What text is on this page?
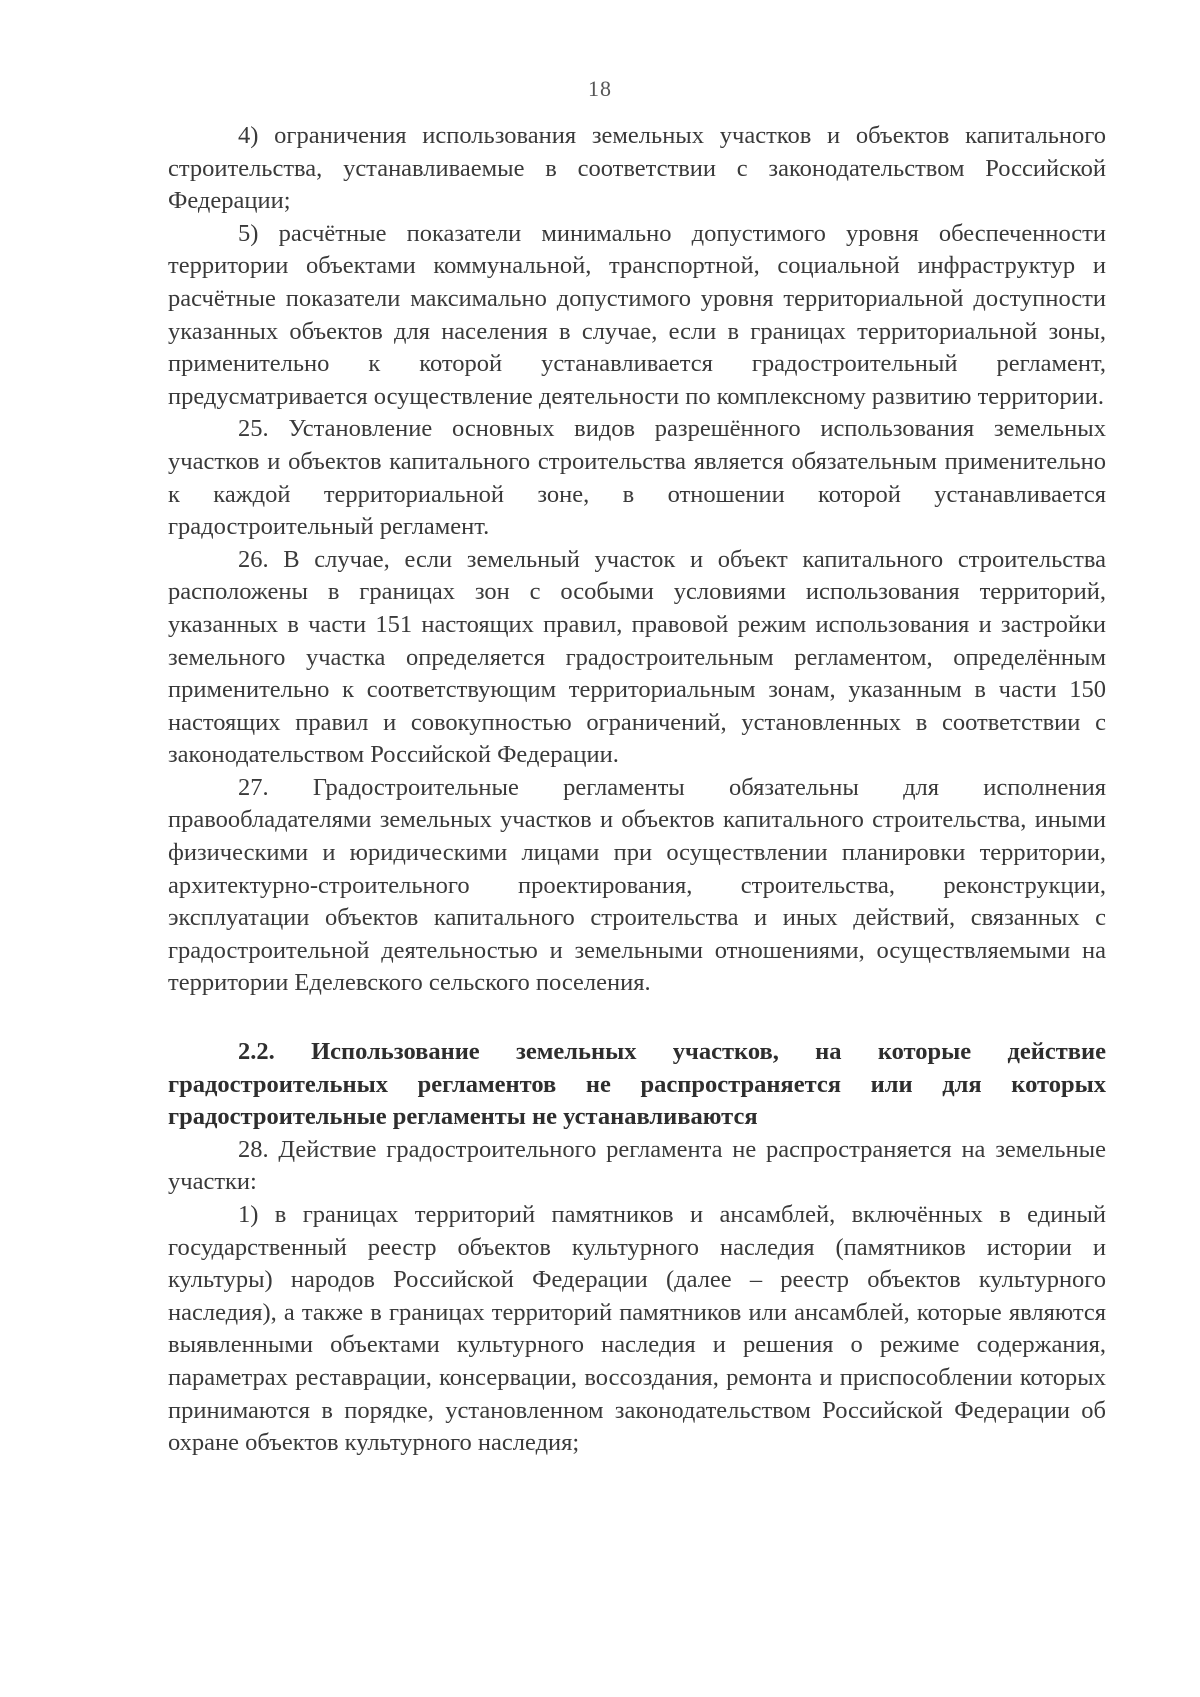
18

4) ограничения использования земельных участков и объектов капитального строительства, устанавливаемые в соответствии с законодательством Российской Федерации;

5) расчётные показатели минимально допустимого уровня обеспеченности территории объектами коммунальной, транспортной, социальной инфраструктур и расчётные показатели максимально допустимого уровня территориальной доступности указанных объектов для населения в случае, если в границах территориальной зоны, применительно к которой устанавливается градостроительный регламент, предусматривается осуществление деятельности по комплексному развитию территории.

25. Установление основных видов разрешённого использования земельных участков и объектов капитального строительства является обязательным применительно к каждой территориальной зоне, в отношении которой устанавливается градостроительный регламент.

26. В случае, если земельный участок и объект капитального строительства расположены в границах зон с особыми условиями использования территорий, указанных в части 151 настоящих правил, правовой режим использования и застройки земельного участка определяется градостроительным регламентом, определённым применительно к соответствующим территориальным зонам, указанным в части 150 настоящих правил и совокупностью ограничений, установленных в соответствии с законодательством Российской Федерации.

27. Градостроительные регламенты обязательны для исполнения правообладателями земельных участков и объектов капитального строительства, иными физическими и юридическими лицами при осуществлении планировки территории, архитектурно-строительного проектирования, строительства, реконструкции, эксплуатации объектов капитального строительства и иных действий, связанных с градостроительной деятельностью и земельными отношениями, осуществляемыми на территории Еделевского сельского поселения.

2.2. Использование земельных участков, на которые действие градостроительных регламентов не распространяется или для которых градостроительные регламенты не устанавливаются

28. Действие градостроительного регламента не распространяется на земельные участки:

1) в границах территорий памятников и ансамблей, включённых в единый государственный реестр объектов культурного наследия (памятников истории и культуры) народов Российской Федерации (далее – реестр объектов культурного наследия), а также в границах территорий памятников или ансамблей, которые являются выявленными объектами культурного наследия и решения о режиме содержания, параметрах реставрации, консервации, воссоздания, ремонта и приспособлении которых принимаются в порядке, установленном законодательством Российской Федерации об охране объектов культурного наследия;
